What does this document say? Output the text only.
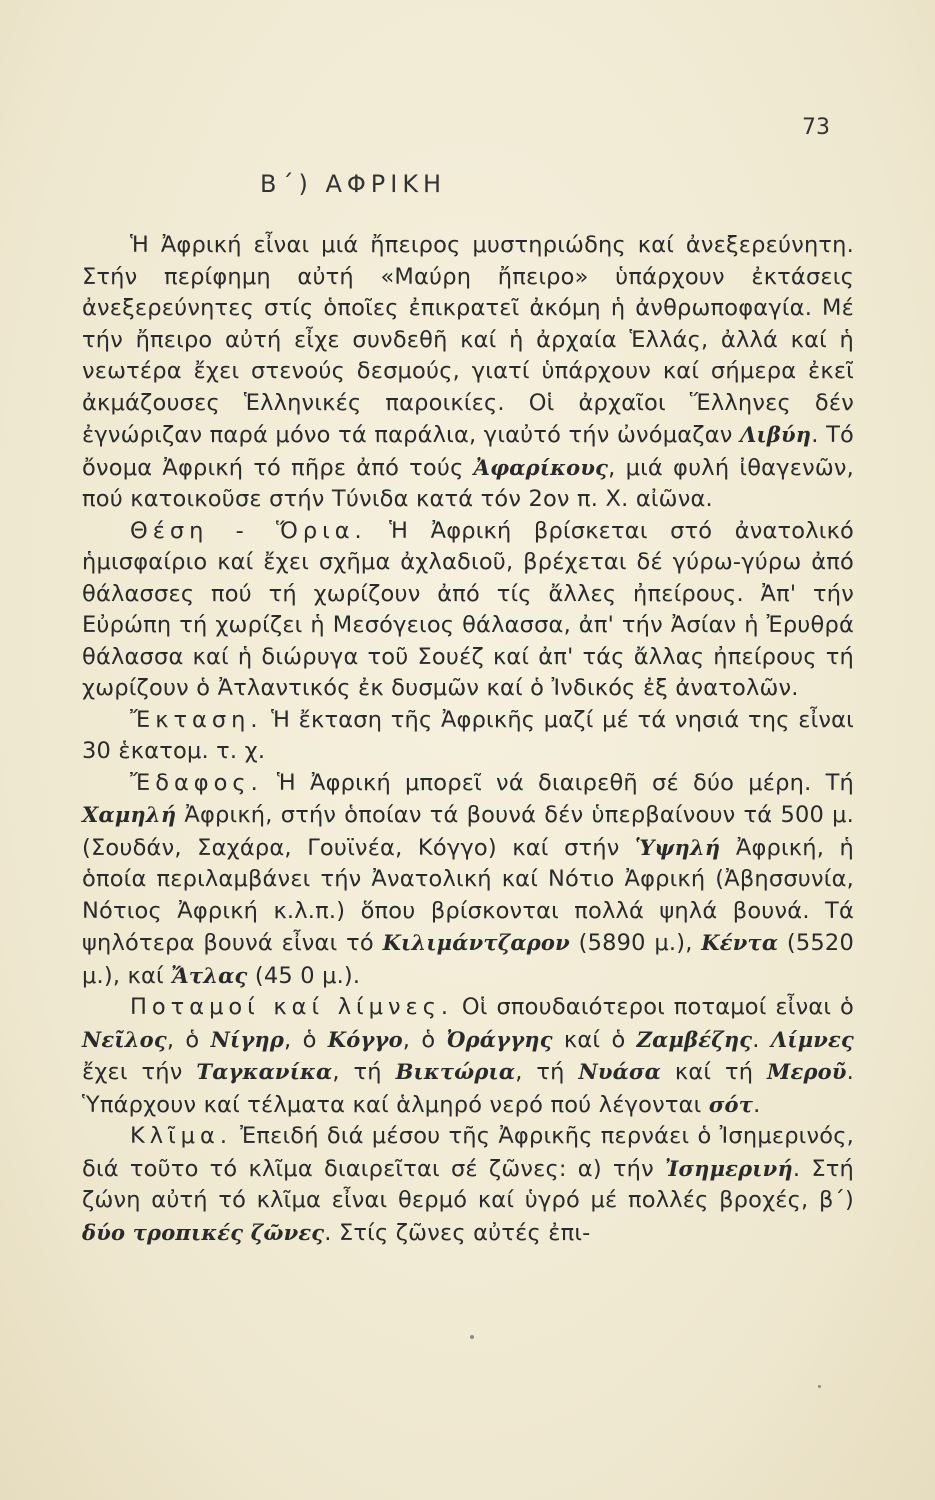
73
Β΄) ΑΦΡΙΚΗ

Ἡ Ἀφρική εἶναι μιά ἤπειρος μυστηριώδης καί ἀνεξερεύνητη. Στήν περίφημη αὐτή «Μαύρη ἤπειρο» ὑπάρχουν ἐκτάσεις ἀνεξερεύνητες στίς ὁποῖες ἐπικρατεῖ ἀκόμη ἡ ἀνθρωποφαγία. Μέ τήν ἤπειρο αὐτή εἶχε συνδεθῆ καί ἡ ἀρχαία Ἑλλάς, ἀλλά καί ἡ νεωτέρα ἔχει στενούς δεσμούς, γιατί ὑπάρχουν καί σήμερα ἐκεῖ ἀκμάζουσες Ἑλληνικές παροικίες. Οἱ ἀρχαῖοι Ἕλληνες δέν ἐγνώριζαν παρά μόνο τά παράλια, γιαὐτό τήν ὠνόμαζαν Λιβύη. Τό ὄνομα Ἀφρική τό πῆρε ἀπό τούς Ἀφαρίκους, μιά φυλή ἰθαγενῶν, πού κατοικοῦσε στήν Τύνιδα κατά τόν 2ον π. Χ. αἰῶνα.

Θέση - Ὅρια. Ἡ Ἀφρική βρίσκεται στό ἀνατολικό ἡμισφαίριο καί ἔχει σχῆμα ἀχλαδιοῦ, βρέχεται δέ γύρω-γύρω ἀπό θάλασσες πού τή χωρίζουν ἀπό τίς ἄλλες ἠπείρους. Ἀπ' τήν Εὐρώπη τή χωρίζει ἡ Μεσόγειος θάλασσα, ἀπ' τήν Ἀσίαν ἡ Ἐρυθρά θάλασσα καί ἡ διώρυγα τοῦ Σουέζ καί ἀπ' τάς ἄλλας ἠπείρους τή χωρίζουν ὁ Ἀτλαντικός ἐκ δυσμῶν καί ὁ Ἰνδικός ἐξ ἀνατολῶν.

Ἔκταση. Ἡ ἔκταση τῆς Ἀφρικῆς μαζί μέ τά νησιά της εἶναι 30 ἑκατομ. τ. χ.

Ἔδαφος. Ἡ Ἀφρική μπορεῖ νά διαιρεθῆ σέ δύο μέρη. Τή Χαμηλή Ἀφρική, στήν ὁποίαν τά βουνά δέν ὑπερβαίνουν τά 500 μ. (Σουδάν, Σαχάρα, Γουϊνέα, Κόγγο) καί στήν Ὑψηλή Ἀφρική, ἡ ὁποία περιλαμβάνει τήν Ἀνατολική καί Νότιο Ἀφρική (Ἀβησσυνία, Νότιος Ἀφρική κ.λ.π.) ὅπου βρίσκονται πολλά ψηλά βουνά. Τά ψηλότερα βουνά εἶναι τό Κιλιμάντζαρον (5890 μ.), Κέντα (5520 μ.), καί Ἄτλας (45 0 μ.).

Ποταμοί καί λίμνες. Οἱ σπουδαιότεροι ποταμοί εἶναι ὁ Νεῖλος, ὁ Νίγηρ, ὁ Κόγγο, ὁ Ὀράγγης καί ὁ Ζαμβέζης. Λίμνες ἔχει τήν Ταγκανίκα, τή Βικτώρια, τή Νυάσα καί τή Μεροῦ. Ὑπάρχουν καί τέλματα καί ἁλμηρό νερό πού λέγονται σότ.

Κλῖμα. Ἐπειδή διά μέσου τῆς Ἀφρικῆς περνάει ὁ Ἰσημερινός, διά τοῦτο τό κλῖμα διαιρεῖται σέ ζῶνες: α) τήν Ἰσημερινή. Στή ζώνη αὐτή τό κλῖμα εἶναι θερμό καί ὑγρό μέ πολλές βροχές, β΄) δύο τροπικές ζῶνες. Στίς ζῶνες αὐτές ἐπι-
